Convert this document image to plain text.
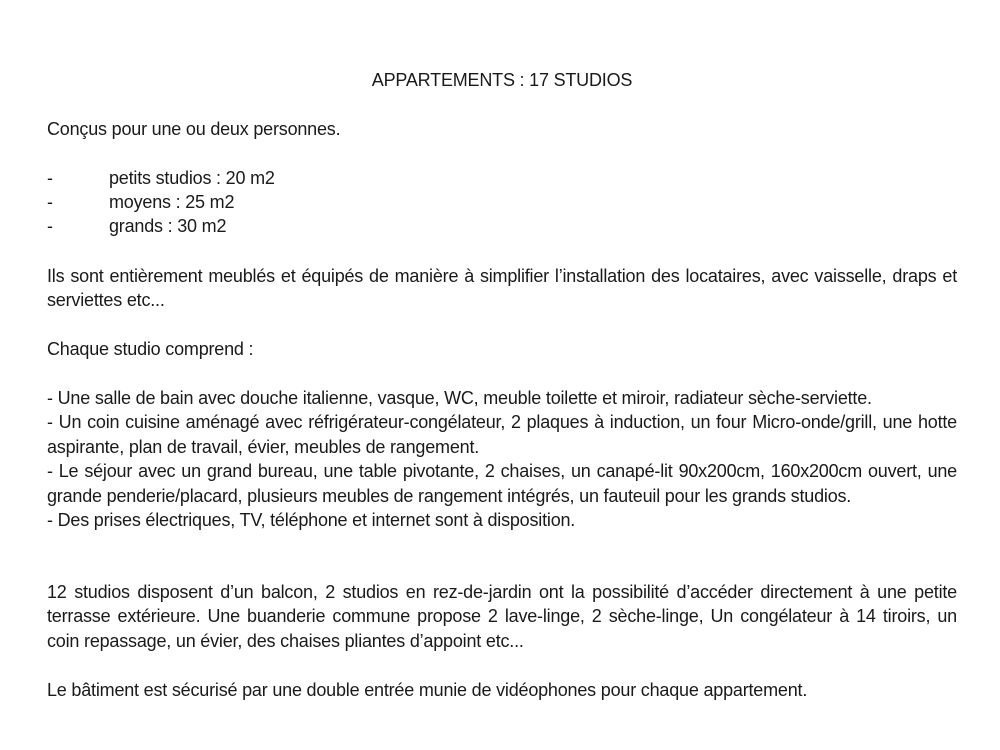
APPARTEMENTS : 17 STUDIOS

Conçus pour une ou deux personnes.

-	petits studios : 20 m2
-	moyens : 25 m2
-	grands : 30 m2

Ils sont entièrement meublés et équipés de manière à simplifier l’installation des locataires, avec vaisselle, draps et serviettes etc...

Chaque studio comprend :

- Une salle de bain avec douche italienne, vasque, WC, meuble toilette et miroir, radiateur sèche-serviette.
- Un coin cuisine aménagé avec réfrigérateur-congélateur, 2 plaques à induction, un four Micro-onde/grill, une hotte aspirante, plan de travail, évier, meubles de rangement.
- Le séjour avec un grand bureau, une table pivotante, 2 chaises, un canapé-lit 90x200cm, 160x200cm ouvert, une grande penderie/placard, plusieurs meubles de rangement intégrés, un fauteuil pour les grands studios.
- Des prises électriques, TV, téléphone et internet sont à disposition.

12 studios disposent d’un balcon, 2 studios en rez-de-jardin ont la possibilité d’accéder directement à une petite terrasse extérieure. Une buanderie commune propose 2 lave-linge, 2 sèche-linge, Un congélateur à 14 tiroirs, un coin repassage, un évier, des chaises pliantes d’appoint etc...

Le bâtiment est sécurisé par une double entrée munie de vidéophones pour chaque appartement.
